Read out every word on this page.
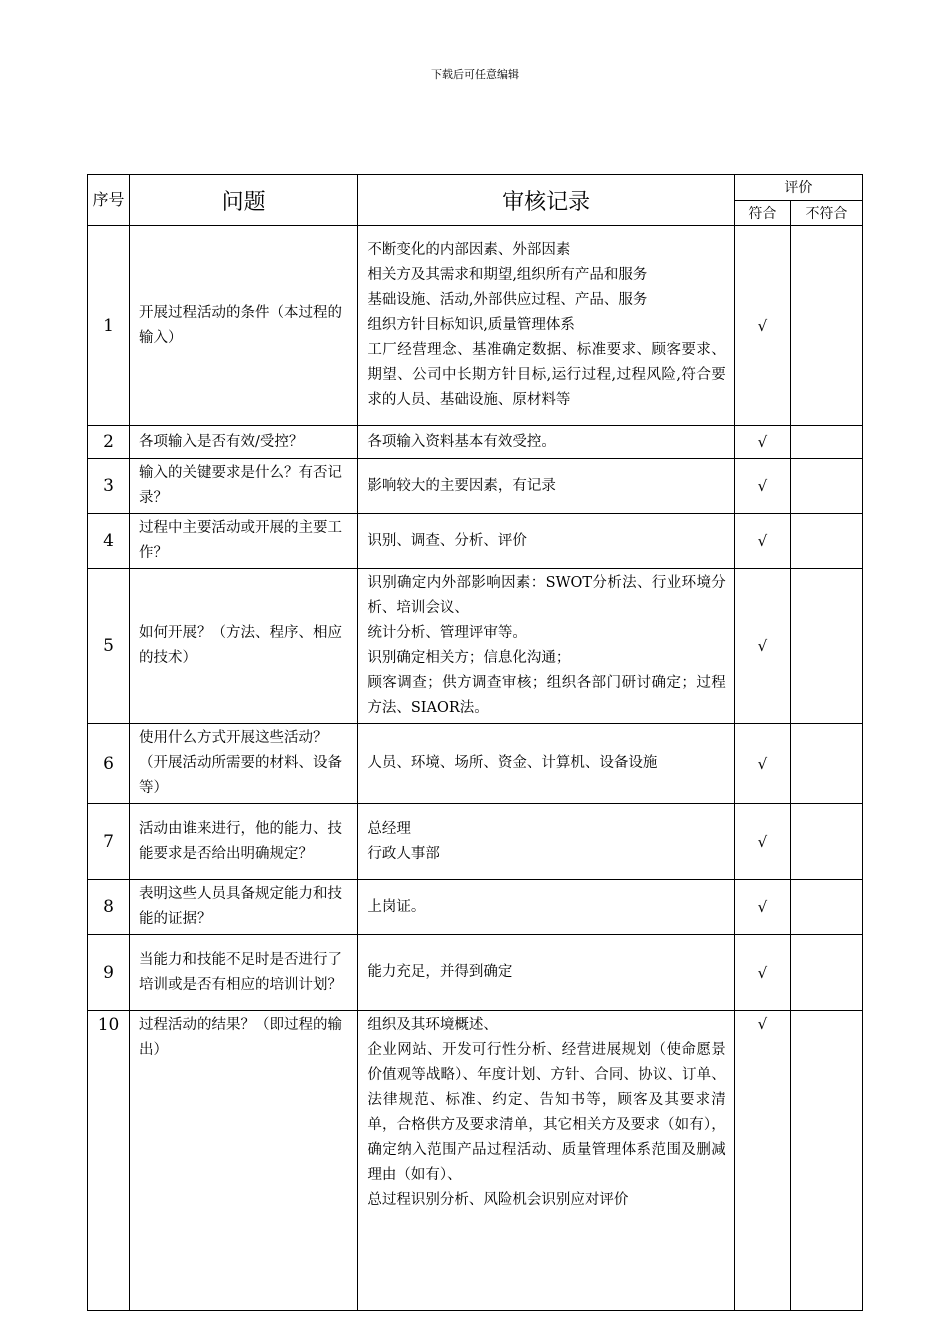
下载后可任意编辑
序号	问题	审核记录	评价	
			符合	不符合
1	开展过程活动的条件（本过程的输入）	不断变化的内部因素、外部因素
相关方及其需求和期望,组织所有产品和服务
基础设施、活动,外部供应过程、产品、服务
组织方针目标知识,质量管理体系
工厂经营理念、基准确定数据、标准要求、顾客要求、期望、公司中长期方针目标,运行过程,过程风险,符合要求的人员、基础设施、原材料等	√	
2	各项输入是否有效/受控？	各项输入资料基本有效受控。	√	
3	输入的关键要求是什么？有否记录？	影响较大的主要因素，有记录	√	
4	过程中主要活动或开展的主要工作？	识别、调查、分析、评价	√	
5	如何开展？（方法、程序、相应的技术）	识别确定内外部影响因素：SWOT分析法、行业环境分析、培训会议、
统计分析、管理评审等。
识别确定相关方；信息化沟通；
顾客调查；供方调查审核；组织各部门研讨确定；过程方法、SIAOR法。	√	
6	使用什么方式开展这些活动？（开展活动所需要的材料、设备等）	人员、环境、场所、资金、计算机、设备设施	√	
7	活动由谁来进行，他的能力、技能要求是否给出明确规定？	总经理
行政人事部	√	
8	表明这些人员具备规定能力和技能的证据？	上岗证。	√	
9	当能力和技能不足时是否进行了培训或是否有相应的培训计划？	能力充足，并得到确定	√	
10	过程活动的结果？（即过程的输出）	组织及其环境概述、
企业网站、开发可行性分析、经营进展规划（使命愿景价值观等战略）、年度计划、方针、合同、协议、订单、法律规范、标准、约定、告知书等，顾客及其要求清单，合格供方及要求清单，其它相关方及要求（如有），确定纳入范围产品过程活动、质量管理体系范围及删减理由（如有）、
总过程识别分析、风险机会识别应对评价	√	
